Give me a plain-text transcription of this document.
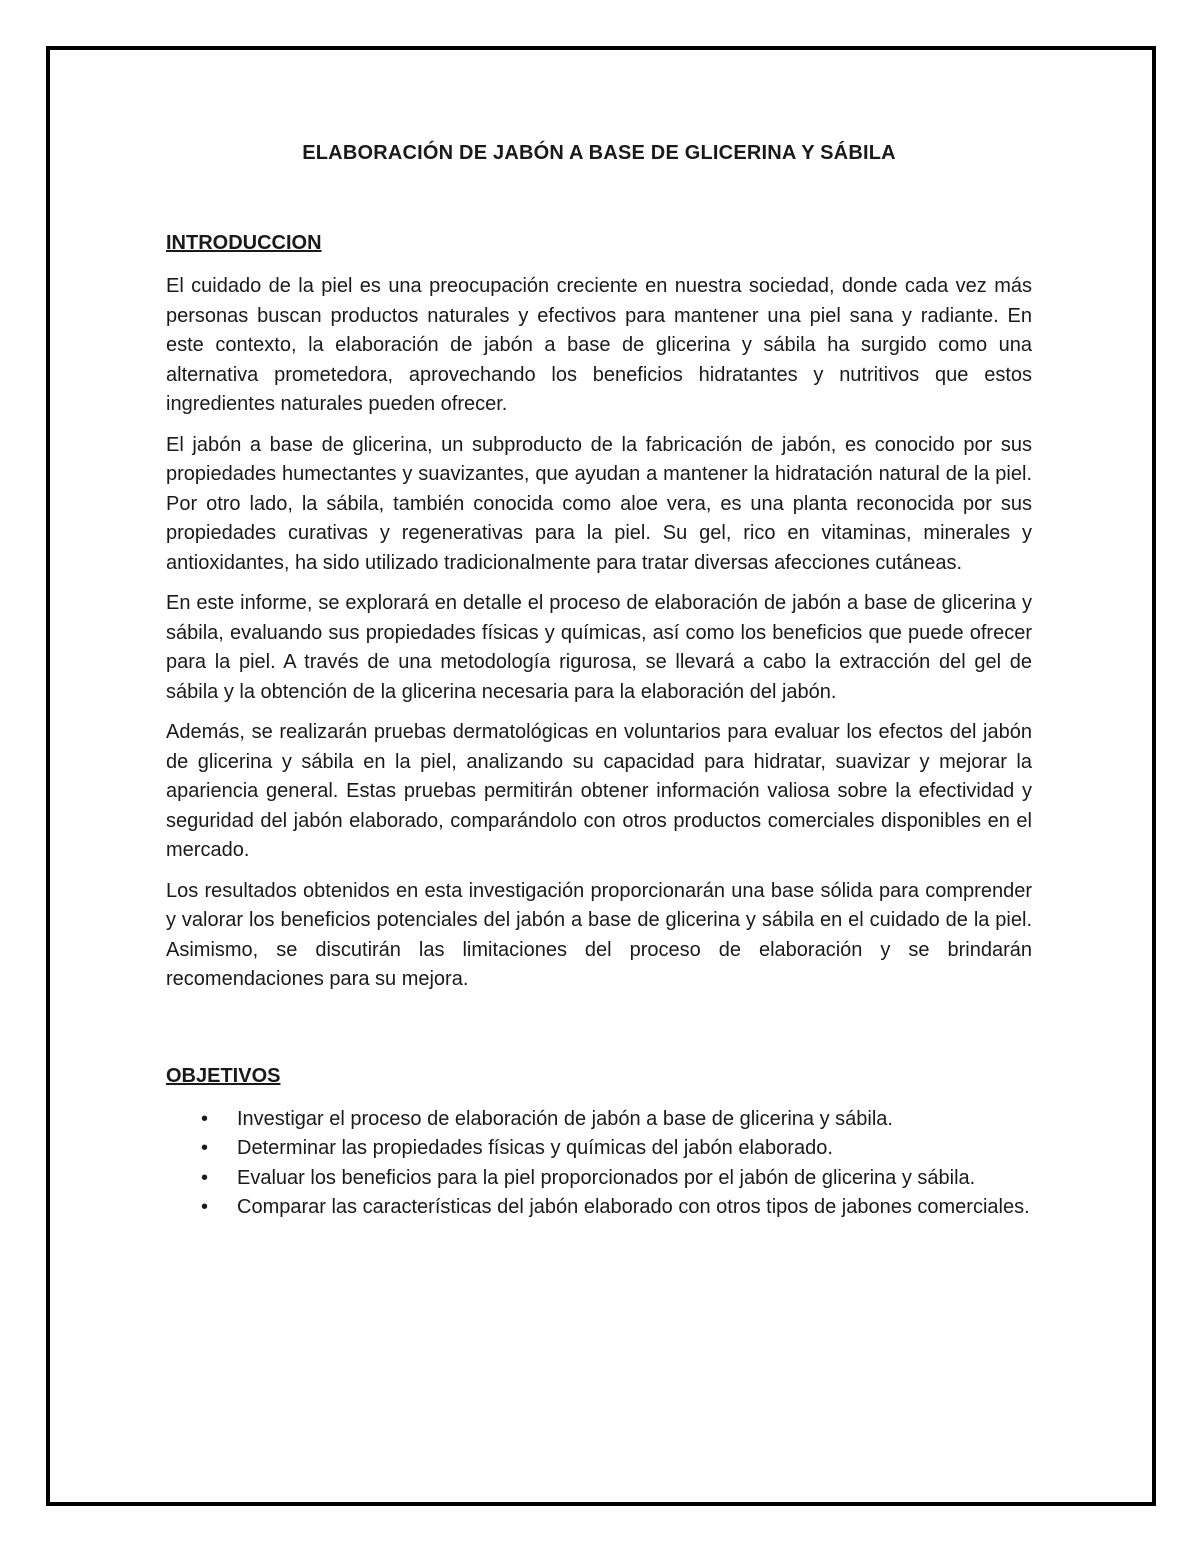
ELABORACIÓN DE JABÓN A BASE DE GLICERINA Y SÁBILA
INTRODUCCION

El cuidado de la piel es una preocupación creciente en nuestra sociedad, donde cada vez más personas buscan productos naturales y efectivos para mantener una piel sana y radiante. En este contexto, la elaboración de jabón a base de glicerina y sábila ha surgido como una alternativa prometedora, aprovechando los beneficios hidratantes y nutritivos que estos ingredientes naturales pueden ofrecer.

El jabón a base de glicerina, un subproducto de la fabricación de jabón, es conocido por sus propiedades humectantes y suavizantes, que ayudan a mantener la hidratación natural de la piel. Por otro lado, la sábila, también conocida como aloe vera, es una planta reconocida por sus propiedades curativas y regenerativas para la piel. Su gel, rico en vitaminas, minerales y antioxidantes, ha sido utilizado tradicionalmente para tratar diversas afecciones cutáneas.

En este informe, se explorará en detalle el proceso de elaboración de jabón a base de glicerina y sábila, evaluando sus propiedades físicas y químicas, así como los beneficios que puede ofrecer para la piel. A través de una metodología rigurosa, se llevará a cabo la extracción del gel de sábila y la obtención de la glicerina necesaria para la elaboración del jabón.

Además, se realizarán pruebas dermatológicas en voluntarios para evaluar los efectos del jabón de glicerina y sábila en la piel, analizando su capacidad para hidratar, suavizar y mejorar la apariencia general. Estas pruebas permitirán obtener información valiosa sobre la efectividad y seguridad del jabón elaborado, comparándolo con otros productos comerciales disponibles en el mercado.

Los resultados obtenidos en esta investigación proporcionarán una base sólida para comprender y valorar los beneficios potenciales del jabón a base de glicerina y sábila en el cuidado de la piel. Asimismo, se discutirán las limitaciones del proceso de elaboración y se brindarán recomendaciones para su mejora.

OBJETIVOS
• Investigar el proceso de elaboración de jabón a base de glicerina y sábila.
• Determinar las propiedades físicas y químicas del jabón elaborado.
• Evaluar los beneficios para la piel proporcionados por el jabón de glicerina y sábila.
• Comparar las características del jabón elaborado con otros tipos de jabones comerciales.
